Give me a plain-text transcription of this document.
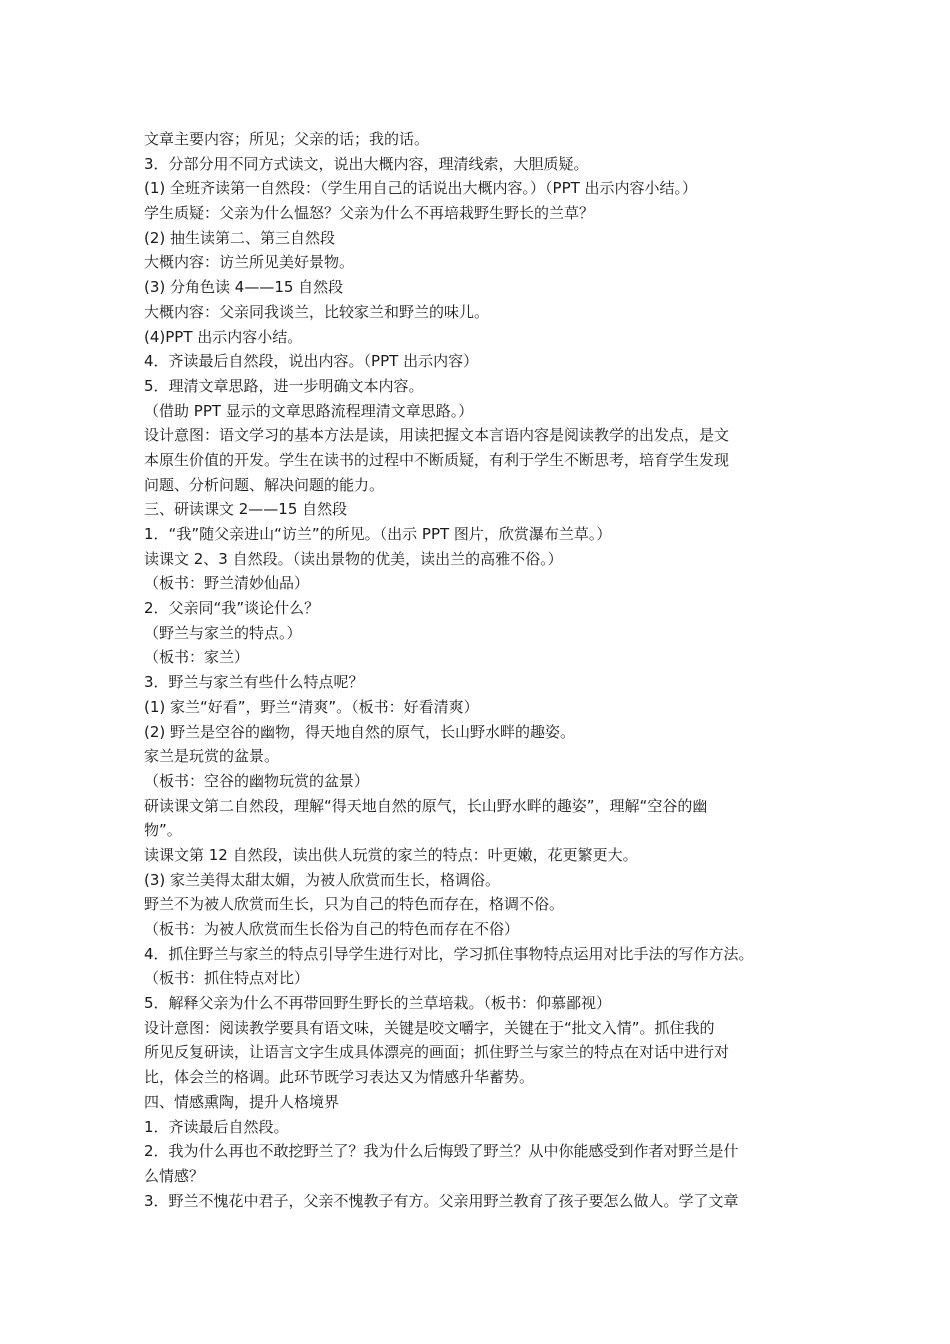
文章主要内容；所见；父亲的话；我的话。
3．分部分用不同方式读文，说出大概内容，理清线索，大胆质疑。
(1) 全班齐读第一自然段：（学生用自己的话说出大概内容。）（PPT 出示内容小结。）
学生质疑：父亲为什么愠怒？父亲为什么不再培栽野生野长的兰草？
(2) 抽生读第二、第三自然段
大概内容：访兰所见美好景物。
(3) 分角色读 4——15 自然段
大概内容：父亲同我谈兰，比较家兰和野兰的味儿。
(4)PPT 出示内容小结。
4．齐读最后自然段，说出内容。（PPT 出示内容）
5．理清文章思路，进一步明确文本内容。
（借助 PPT 显示的文章思路流程理清文章思路。）
设计意图：语文学习的基本方法是读，用读把握文本言语内容是阅读教学的出发点，是文
本原生价值的开发。学生在读书的过程中不断质疑，有利于学生不断思考，培育学生发现
问题、分析问题、解决问题的能力。
三、研读课文 2——15 自然段
1．“我”随父亲进山“访兰”的所见。（出示 PPT 图片，欣赏瀑布兰草。）
读课文 2、3 自然段。（读出景物的优美，读出兰的高雅不俗。）
（板书：野兰清妙仙品）
2．父亲同“我”谈论什么？
（野兰与家兰的特点。）
（板书：家兰）
3．野兰与家兰有些什么特点呢？
(1) 家兰“好看”，野兰“清爽”。（板书：好看清爽）
(2) 野兰是空谷的幽物，得天地自然的原气，长山野水畔的趣姿。
家兰是玩赏的盆景。
（板书：空谷的幽物玩赏的盆景）
研读课文第二自然段，理解“得天地自然的原气，长山野水畔的趣姿”，理解“空谷的幽
物”。
读课文第 12 自然段，读出供人玩赏的家兰的特点：叶更嫩，花更繁更大。
(3) 家兰美得太甜太媚，为被人欣赏而生长，格调俗。
野兰不为被人欣赏而生长，只为自己的特色而存在，格调不俗。
（板书：为被人欣赏而生长俗为自己的特色而存在不俗）
4．抓住野兰与家兰的特点引导学生进行对比，学习抓住事物特点运用对比手法的写作方法。
（板书：抓住特点对比）
5．解释父亲为什么不再带回野生野长的兰草培栽。（板书：仰慕鄙视）
设计意图：阅读教学要具有语文味，关键是咬文嚼字，关键在于“批文入情”。抓住我的
所见反复研读，让语言文字生成具体漂亮的画面；抓住野兰与家兰的特点在对话中进行对
比，体会兰的格调。此环节既学习表达又为情感升华蓄势。
四、情感熏陶，提升人格境界
1．齐读最后自然段。
2．我为什么再也不敢挖野兰了？我为什么后悔毁了野兰？从中你能感受到作者对野兰是什
么情感？
3．野兰不愧花中君子，父亲不愧教子有方。父亲用野兰教育了孩子要怎么做人。学了文章
